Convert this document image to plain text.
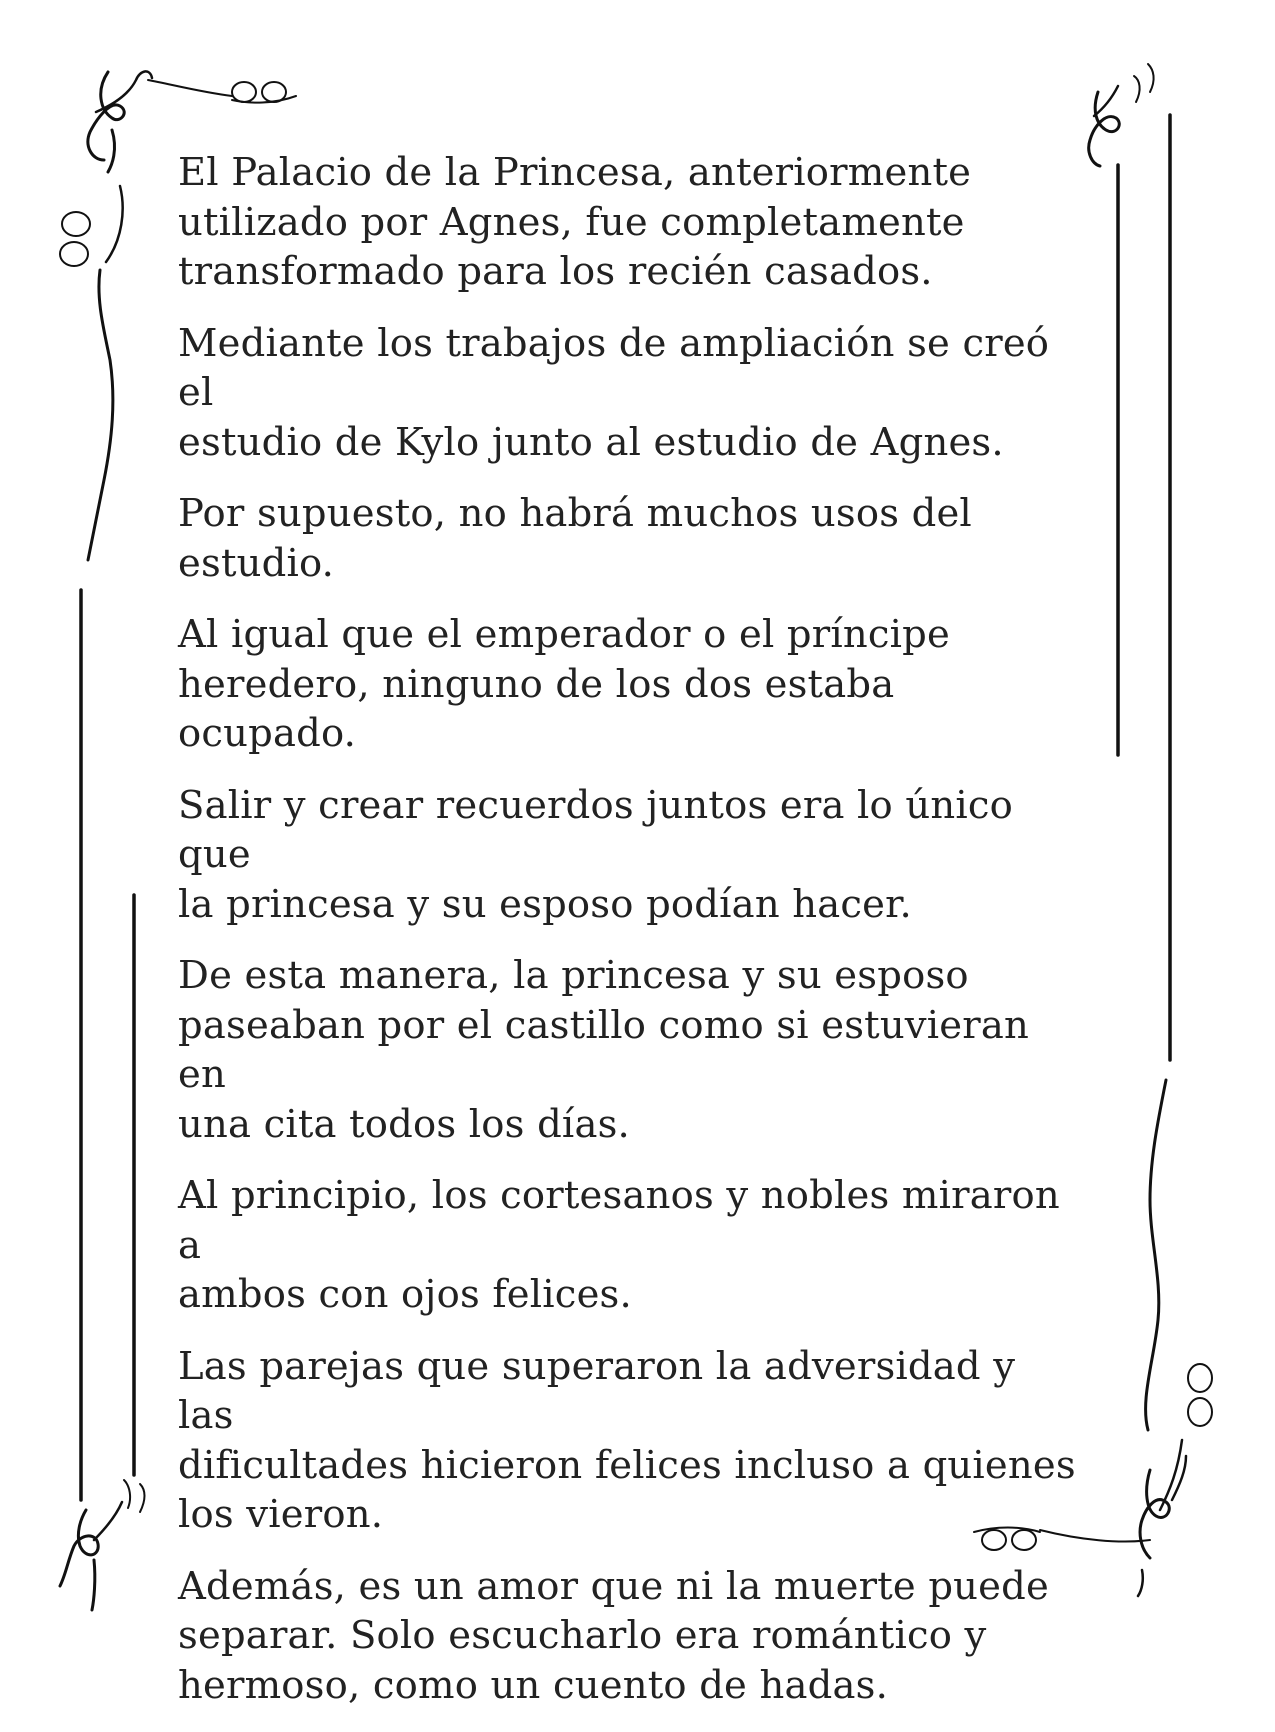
El Palacio de la Princesa, anteriormente
utilizado por Agnes, fue completamente
transformado para los recién casados.

Mediante los trabajos de ampliación se creó el
estudio de Kylo junto al estudio de Agnes.

Por supuesto, no habrá muchos usos del
estudio.

Al igual que el emperador o el príncipe
heredero, ninguno de los dos estaba ocupado.

Salir y crear recuerdos juntos era lo único que
la princesa y su esposo podían hacer.

De esta manera, la princesa y su esposo
paseaban por el castillo como si estuvieran en
una cita todos los días.

Al principio, los cortesanos y nobles miraron a
ambos con ojos felices.

Las parejas que superaron la adversidad y las
dificultades hicieron felices incluso a quienes
los vieron.

Además, es un amor que ni la muerte puede
separar. Solo escucharlo era romántico y
hermoso, como un cuento de hadas.
